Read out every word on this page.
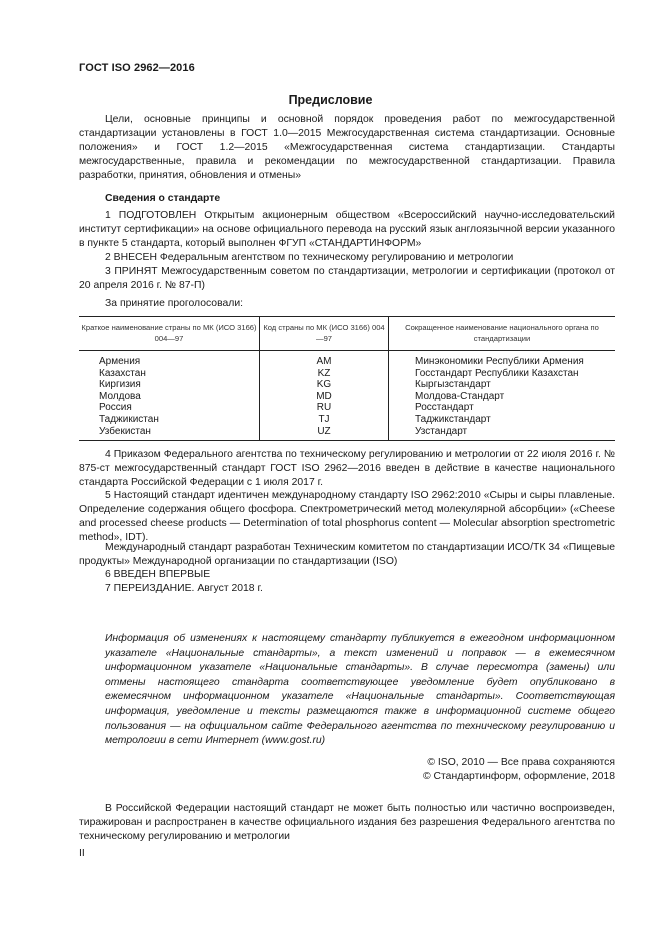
ГОСТ ISO 2962—2016
Предисловие

Цели, основные принципы и основной порядок проведения работ по межгосударственной стандартизации установлены в ГОСТ 1.0—2015 Межгосударственная система стандартизации. Основные положения» и ГОСТ 1.2—2015 «Межгосударственная система стандартизации. Стандарты межгосударственные, правила и рекомендации по межгосударственной стандартизации. Правила разработки, принятия, обновления и отмены»

Сведения о стандарте

1 ПОДГОТОВЛЕН Открытым акционерным обществом «Всероссийский научно-исследовательский институт сертификации» на основе официального перевода на русский язык англоязычной версии указанного в пункте 5 стандарта, который выполнен ФГУП «СТАНДАРТИНФОРМ»

2 ВНЕСЕН Федеральным агентством по техническому регулированию и метрологии

3 ПРИНЯТ Межгосударственным советом по стандартизации, метрологии и сертификации (протокол от 20 апреля 2016 г. № 87-П)

За принятие проголосовали:

Краткое наименование страны по МК (ИСО 3166) 004—97	Код страны по МК (ИСО 3166) 004—97	Сокращенное наименование национального органа по стандартизации
Армения	AM	Минэкономики Республики Армения
Казахстан	KZ	Госстандарт Республики Казахстан
Киргизия	KG	Кыргызстандарт
Молдова	MD	Молдова-Стандарт
Россия	RU	Росстандарт
Таджикистан	TJ	Таджикстандарт
Узбекистан	UZ	Узстандарт

4 Приказом Федерального агентства по техническому регулированию и метрологии от 22 июля 2016 г. № 875-ст межгосударственный стандарт ГОСТ ISO 2962—2016 введен в действие в качестве национального стандарта Российской Федерации с 1 июля 2017 г.

5 Настоящий стандарт идентичен международному стандарту ISO 2962:2010 «Сыры и сыры плавленые. Определение содержания общего фосфора. Спектрометрический метод молекулярной абсорбции» («Cheese and processed cheese products — Determination of total phosphorus content — Molecular absorption spectrometric method», IDT).

Международный стандарт разработан Техническим комитетом по стандартизации ИСО/ТК 34 «Пищевые продукты» Международной организации по стандартизации (ISO)

6 ВВЕДЕН ВПЕРВЫЕ

7 ПЕРЕИЗДАНИЕ. Август 2018 г.

Информация об изменениях к настоящему стандарту публикуется в ежегодном информационном указателе «Национальные стандарты», а текст изменений и поправок — в ежемесячном информационном указателе «Национальные стандарты». В случае пересмотра (замены) или отмены настоящего стандарта соответствующее уведомление будет опубликовано в ежемесячном информационном указателе «Национальные стандарты». Соответствующая информация, уведомление и тексты размещаются также в информационной системе общего пользования — на официальном сайте Федерального агентства по техническому регулированию и метрологии в сети Интернет (www.gost.ru)

© ISO, 2010 — Все права сохраняются
© Стандартинформ, оформление, 2018

В Российской Федерации настоящий стандарт не может быть полностью или частично воспроизведен, тиражирован и распространен в качестве официального издания без разрешения Федерального агентства по техническому регулированию и метрологии

II
